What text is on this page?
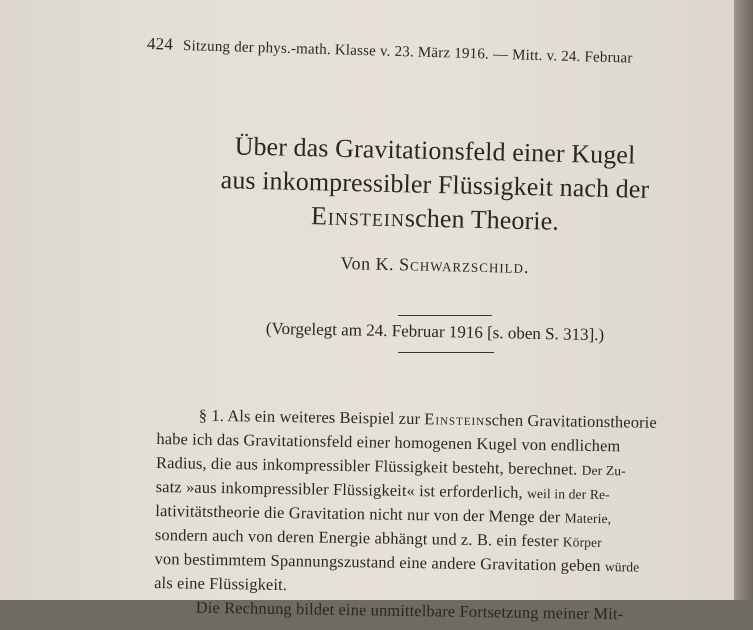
424 Sitzung der phys.-math. Klasse v. 23. März 1916. — Mitt. v. 24. Februar
Über das Gravitationsfeld einer Kugel
aus inkompressibler Flüssigkeit nach der
Einsteinschen Theorie.
Von K. Schwarzschild.
(Vorgelegt am 24. Februar 1916 [s. oben S. 313].)
§ 1. Als ein weiteres Beispiel zur Einsteinschen Gravitationstheorie
habe ich das Gravitationsfeld einer homogenen Kugel von endlichem
Radius, die aus inkompressibler Flüssigkeit besteht, berechnet. Der Zu-
satz »aus inkompressibler Flüssigkeit« ist erforderlich, weil in der Re-
lativitätstheorie die Gravitation nicht nur von der Menge der Materie,
sondern auch von deren Energie abhängt und z. B. ein fester Körper
von bestimmtem Spannungszustand eine andere Gravitation geben würde
als eine Flüssigkeit.
Die Rechnung bildet eine unmittelbare Fortsetzung meiner Mit-
